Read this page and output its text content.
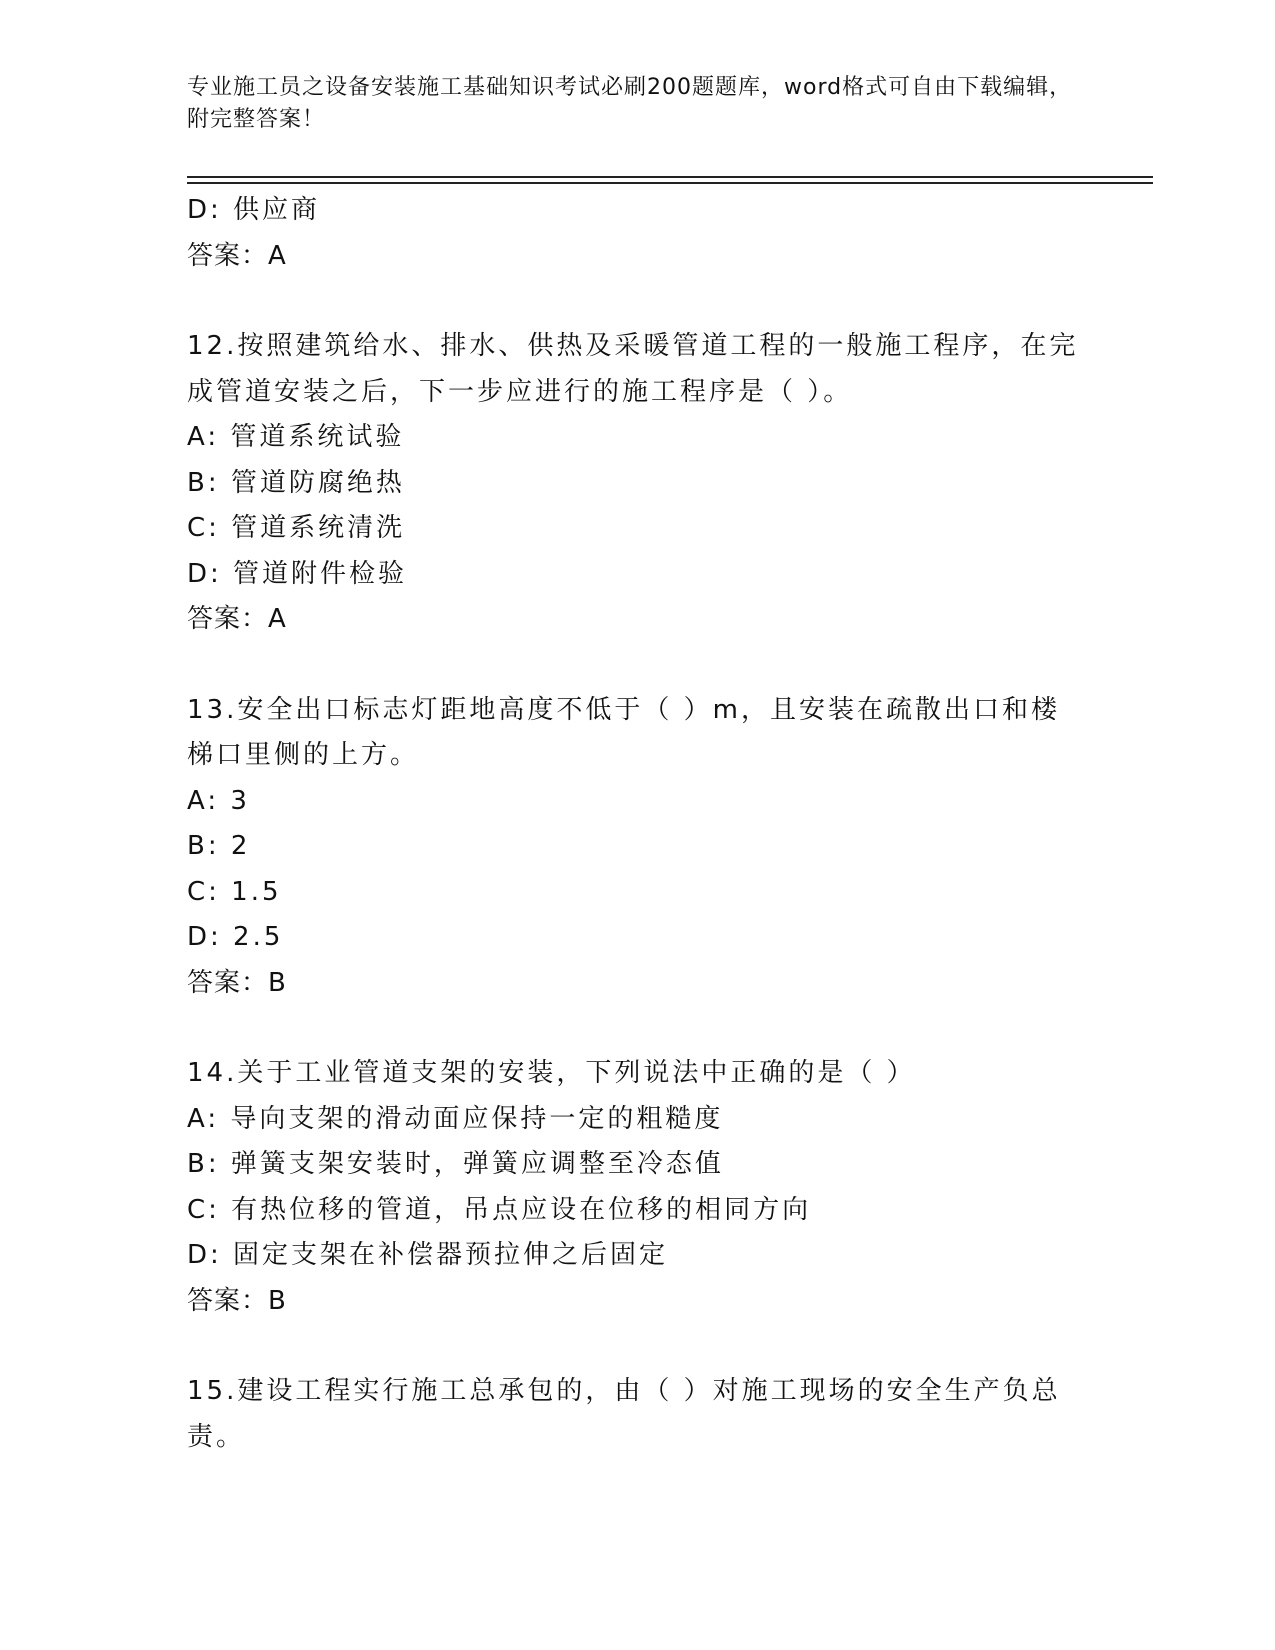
专业施工员之设备安装施工基础知识考试必刷200题题库，word格式可自由下载编辑，附完整答案！
D: 供应商
答案：A
12.按照建筑给水、排水、供热及采暖管道工程的一般施工程序，在完成管道安装之后，下一步应进行的施工程序是（ ）。
A: 管道系统试验
B: 管道防腐绝热
C: 管道系统清洗
D: 管道附件检验
答案：A
13.安全出口标志灯距地高度不低于（ ）m，且安装在疏散出口和楼梯口里侧的上方。
A: 3
B: 2
C: 1.5
D: 2.5
答案：B
14.关于工业管道支架的安装，下列说法中正确的是（ ）
A: 导向支架的滑动面应保持一定的粗糙度
B: 弹簧支架安装时，弹簧应调整至冷态值
C: 有热位移的管道，吊点应设在位移的相同方向
D: 固定支架在补偿器预拉伸之后固定
答案：B
15.建设工程实行施工总承包的，由（ ）对施工现场的安全生产负总责。
